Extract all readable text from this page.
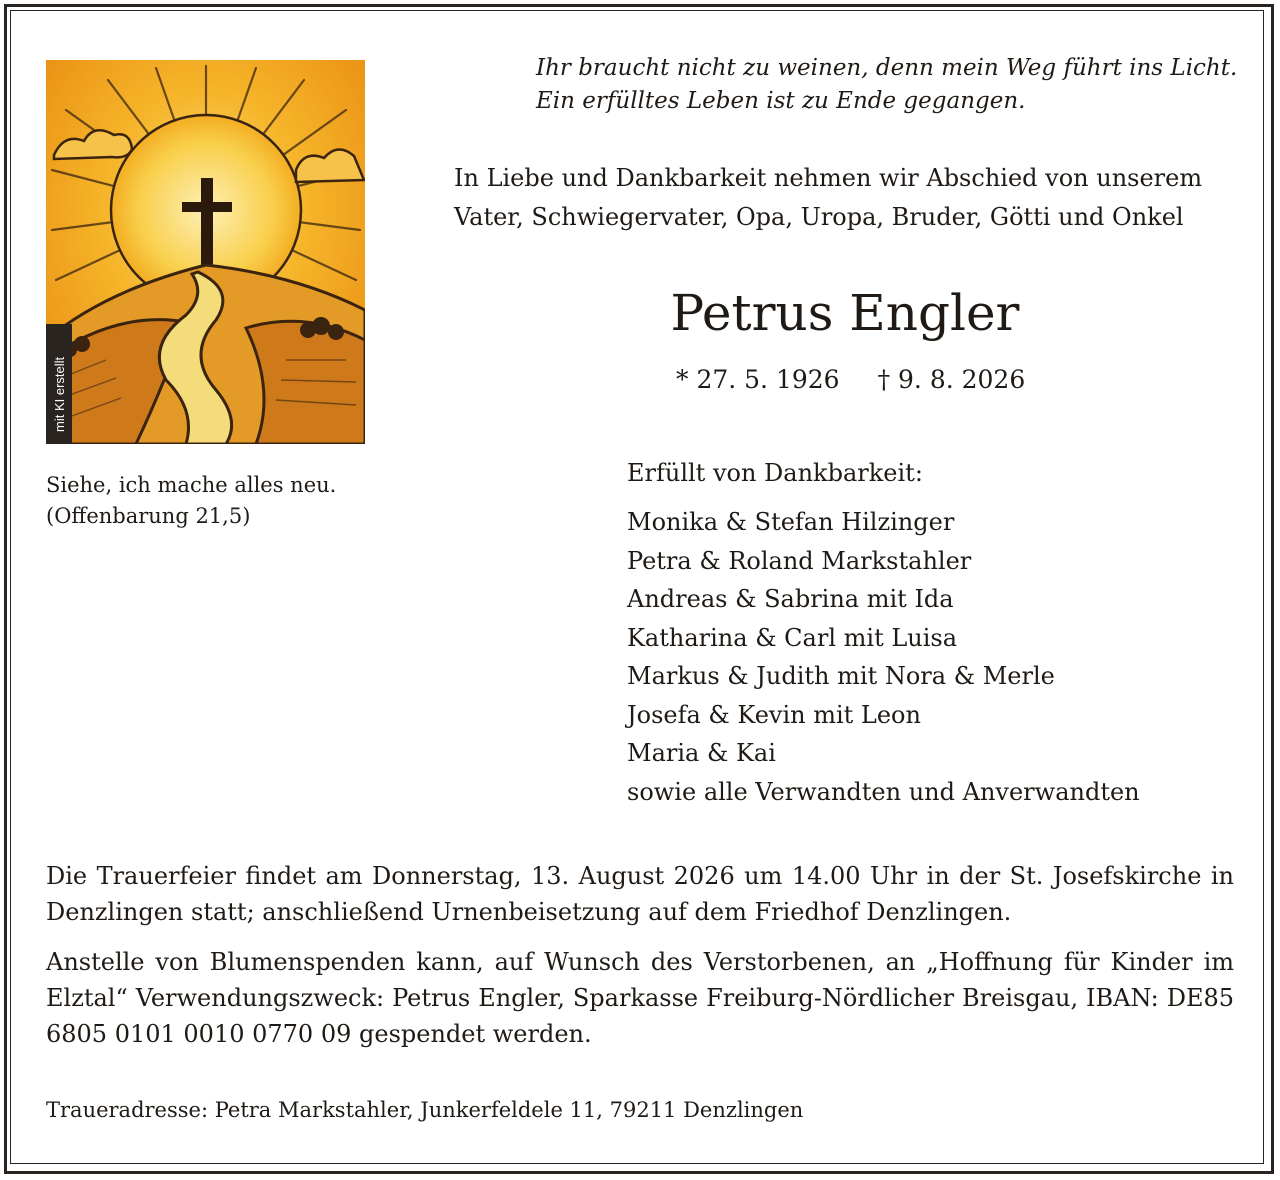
mit KI erstellt
Ihr braucht nicht zu weinen, denn mein Weg führt ins Licht.
Ein erfülltes Leben ist zu Ende gegangen.
In Liebe und Dankbarkeit nehmen wir Abschied von unserem
Vater, Schwiegervater, Opa, Uropa, Bruder, Götti und Onkel
Petrus Engler
* 27. 5. 1926 † 9. 8. 2026
Siehe, ich mache alles neu.
(Offenbarung 21,5)
Erfüllt von Dankbarkeit:
Monika & Stefan Hilzinger
Petra & Roland Markstahler
Andreas & Sabrina mit Ida
Katharina & Carl mit Luisa
Markus & Judith mit Nora & Merle
Josefa & Kevin mit Leon
Maria & Kai
sowie alle Verwandten und Anverwandten

Die Trauerfeier findet am Donnerstag, 13. August 2026 um 14.00 Uhr in der St. Josefskirche in Denzlingen statt; anschließend Urnenbeisetzung auf dem Friedhof Denzlingen.

Anstelle von Blumenspenden kann, auf Wunsch des Verstorbenen, an „Hoffnung für Kinder im Elztal“ Verwendungszweck: Petrus Engler, Sparkasse Freiburg-Nördlicher Breisgau, IBAN: DE85 6805 0101 0010 0770 09 gespendet werden.

Traueradresse: Petra Markstahler, Junkerfeldele 11, 79211 Denzlingen
